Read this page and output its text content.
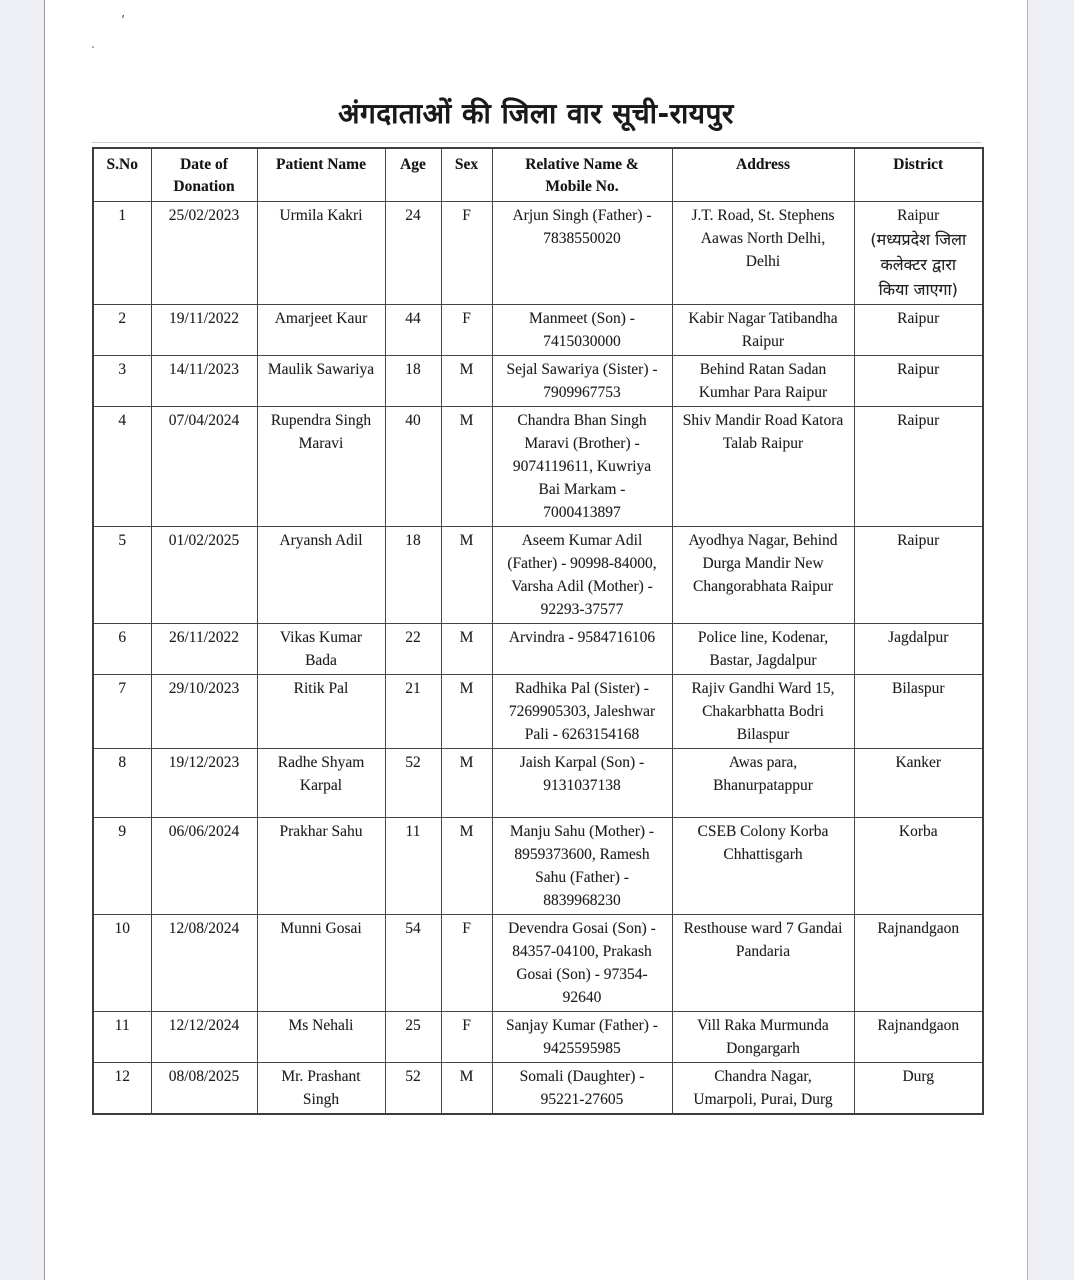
’
’
अंगदाताओं की जिला वार सूची-रायपुर
S.No	Date of Donation	Patient Name	Age	Sex	Relative Name & Mobile No.	Address	District
1	25/02/2023	Urmila Kakri	24	F	Arjun Singh (Father) - 7838550020	J.T. Road, St. Stephens Aawas North Delhi, Delhi	Raipur
(मध्यप्रदेश जिला कलेक्टर द्वारा किया जाएगा)

2	19/11/2022	Amarjeet Kaur	44	F	Manmeet (Son) - 7415030000	Kabir Nagar Tatibandha Raipur	Raipur

3	14/11/2023	Maulik Sawariya	18	M	Sejal Sawariya (Sister) - 7909967753	Behind Ratan Sadan Kumhar Para Raipur	Raipur

4	07/04/2024	Rupendra Singh Maravi	40	M	Chandra Bhan Singh Maravi (Brother) - 9074119611, Kuwriya Bai Markam - 7000413897	Shiv Mandir Road Katora Talab Raipur	Raipur

5	01/02/2025	Aryansh Adil	18	M	Aseem Kumar Adil (Father) - 90998-84000, Varsha Adil (Mother) - 92293-37577	Ayodhya Nagar, Behind Durga Mandir New Changorabhata Raipur	Raipur

6	26/11/2022	Vikas Kumar Bada	22	M	Arvindra - 9584716106	Police line, Kodenar, Bastar, Jagdalpur	Jagdalpur

7	29/10/2023	Ritik Pal	21	M	Radhika Pal (Sister) - 7269905303, Jaleshwar Pali - 6263154168	Rajiv Gandhi Ward 15, Chakarbhatta Bodri Bilaspur	Bilaspur

8	19/12/2023	Radhe Shyam Karpal	52	M	Jaish Karpal (Son) - 9131037138	Awas para, Bhanurpatappur	Kanker

9	06/06/2024	Prakhar Sahu	11	M	Manju Sahu (Mother) - 8959373600, Ramesh Sahu (Father) - 8839968230	CSEB Colony Korba Chhattisgarh	Korba

10	12/08/2024	Munni Gosai	54	F	Devendra Gosai (Son) - 84357-04100, Prakash Gosai (Son) - 97354-92640	Resthouse ward 7 Gandai Pandaria	Rajnandgaon

11	12/12/2024	Ms Nehali	25	F	Sanjay Kumar (Father) - 9425595985	Vill Raka Murmunda Dongargarh	Rajnandgaon

12	08/08/2025	Mr. Prashant Singh	52	M	Somali (Daughter) - 95221-27605	Chandra Nagar, Umarpoli, Purai, Durg	Durg
